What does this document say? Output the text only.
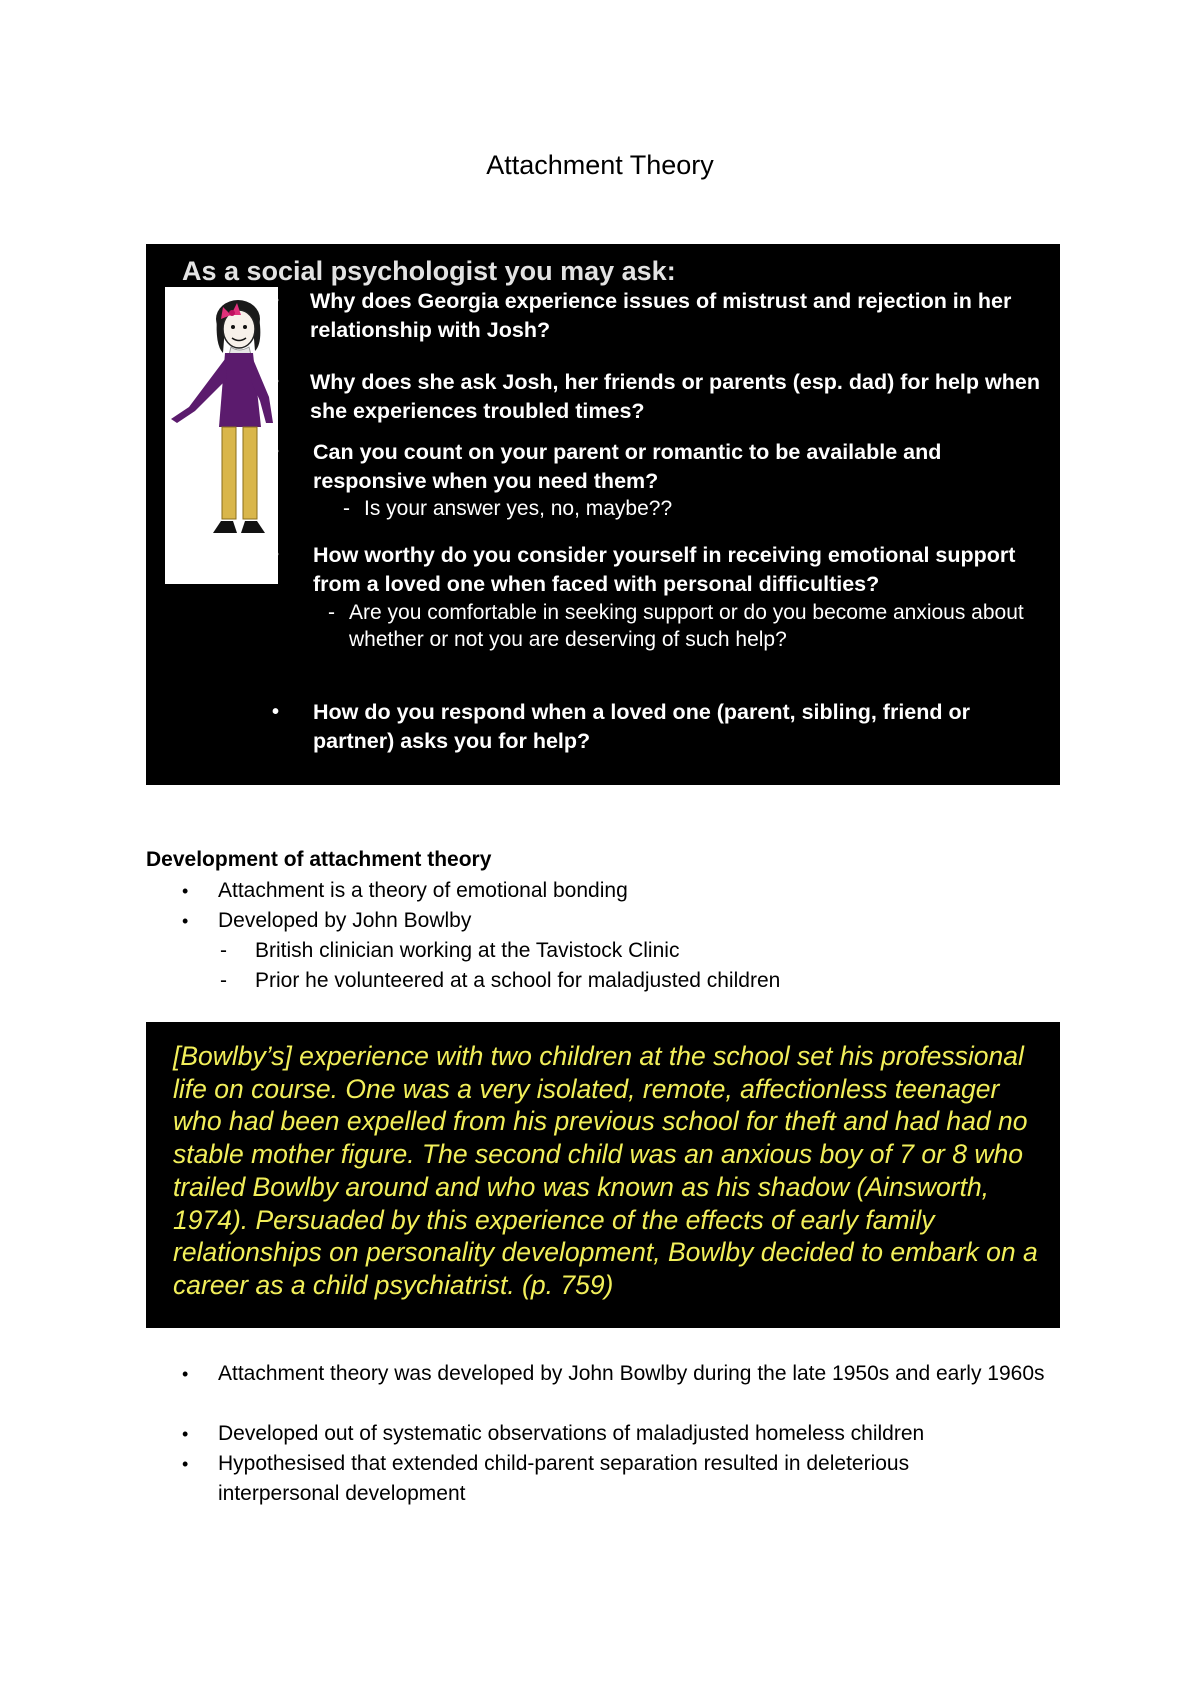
Attachment Theory
As a social psychologist you may ask:
• Why does Georgia experience issues of mistrust and rejection in her relationship with Josh?
• Why does she ask Josh, her friends or parents (esp. dad) for help when she experiences troubled times?
• Can you count on your parent or romantic to be available and responsive when you need them?
- Is your answer yes, no, maybe??
• How worthy do you consider yourself in receiving emotional support from a loved one when faced with personal difficulties?
- Are you comfortable in seeking support or do you become anxious about whether or not you are deserving of such help?
• How do you respond when a loved one (parent, sibling, friend or partner) asks you for help?
Development of attachment theory
• Attachment is a theory of emotional bonding
• Developed by John Bowlby
- British clinician working at the Tavistock Clinic
- Prior he volunteered at a school for maladjusted children
[Bowlby’s] experience with two children at the school set his professional life on course. One was a very isolated, remote, affectionless teenager who had been expelled from his previous school for theft and had had no stable mother figure. The second child was an anxious boy of 7 or 8 who trailed Bowlby around and who was known as his shadow (Ainsworth, 1974). Persuaded by this experience of the effects of early family relationships on personality development, Bowlby decided to embark on a career as a child psychiatrist. (p. 759)
• Attachment theory was developed by John Bowlby during the late 1950s and early 1960s
• Developed out of systematic observations of maladjusted homeless children
• Hypothesised that extended child-parent separation resulted in deleterious interpersonal development
